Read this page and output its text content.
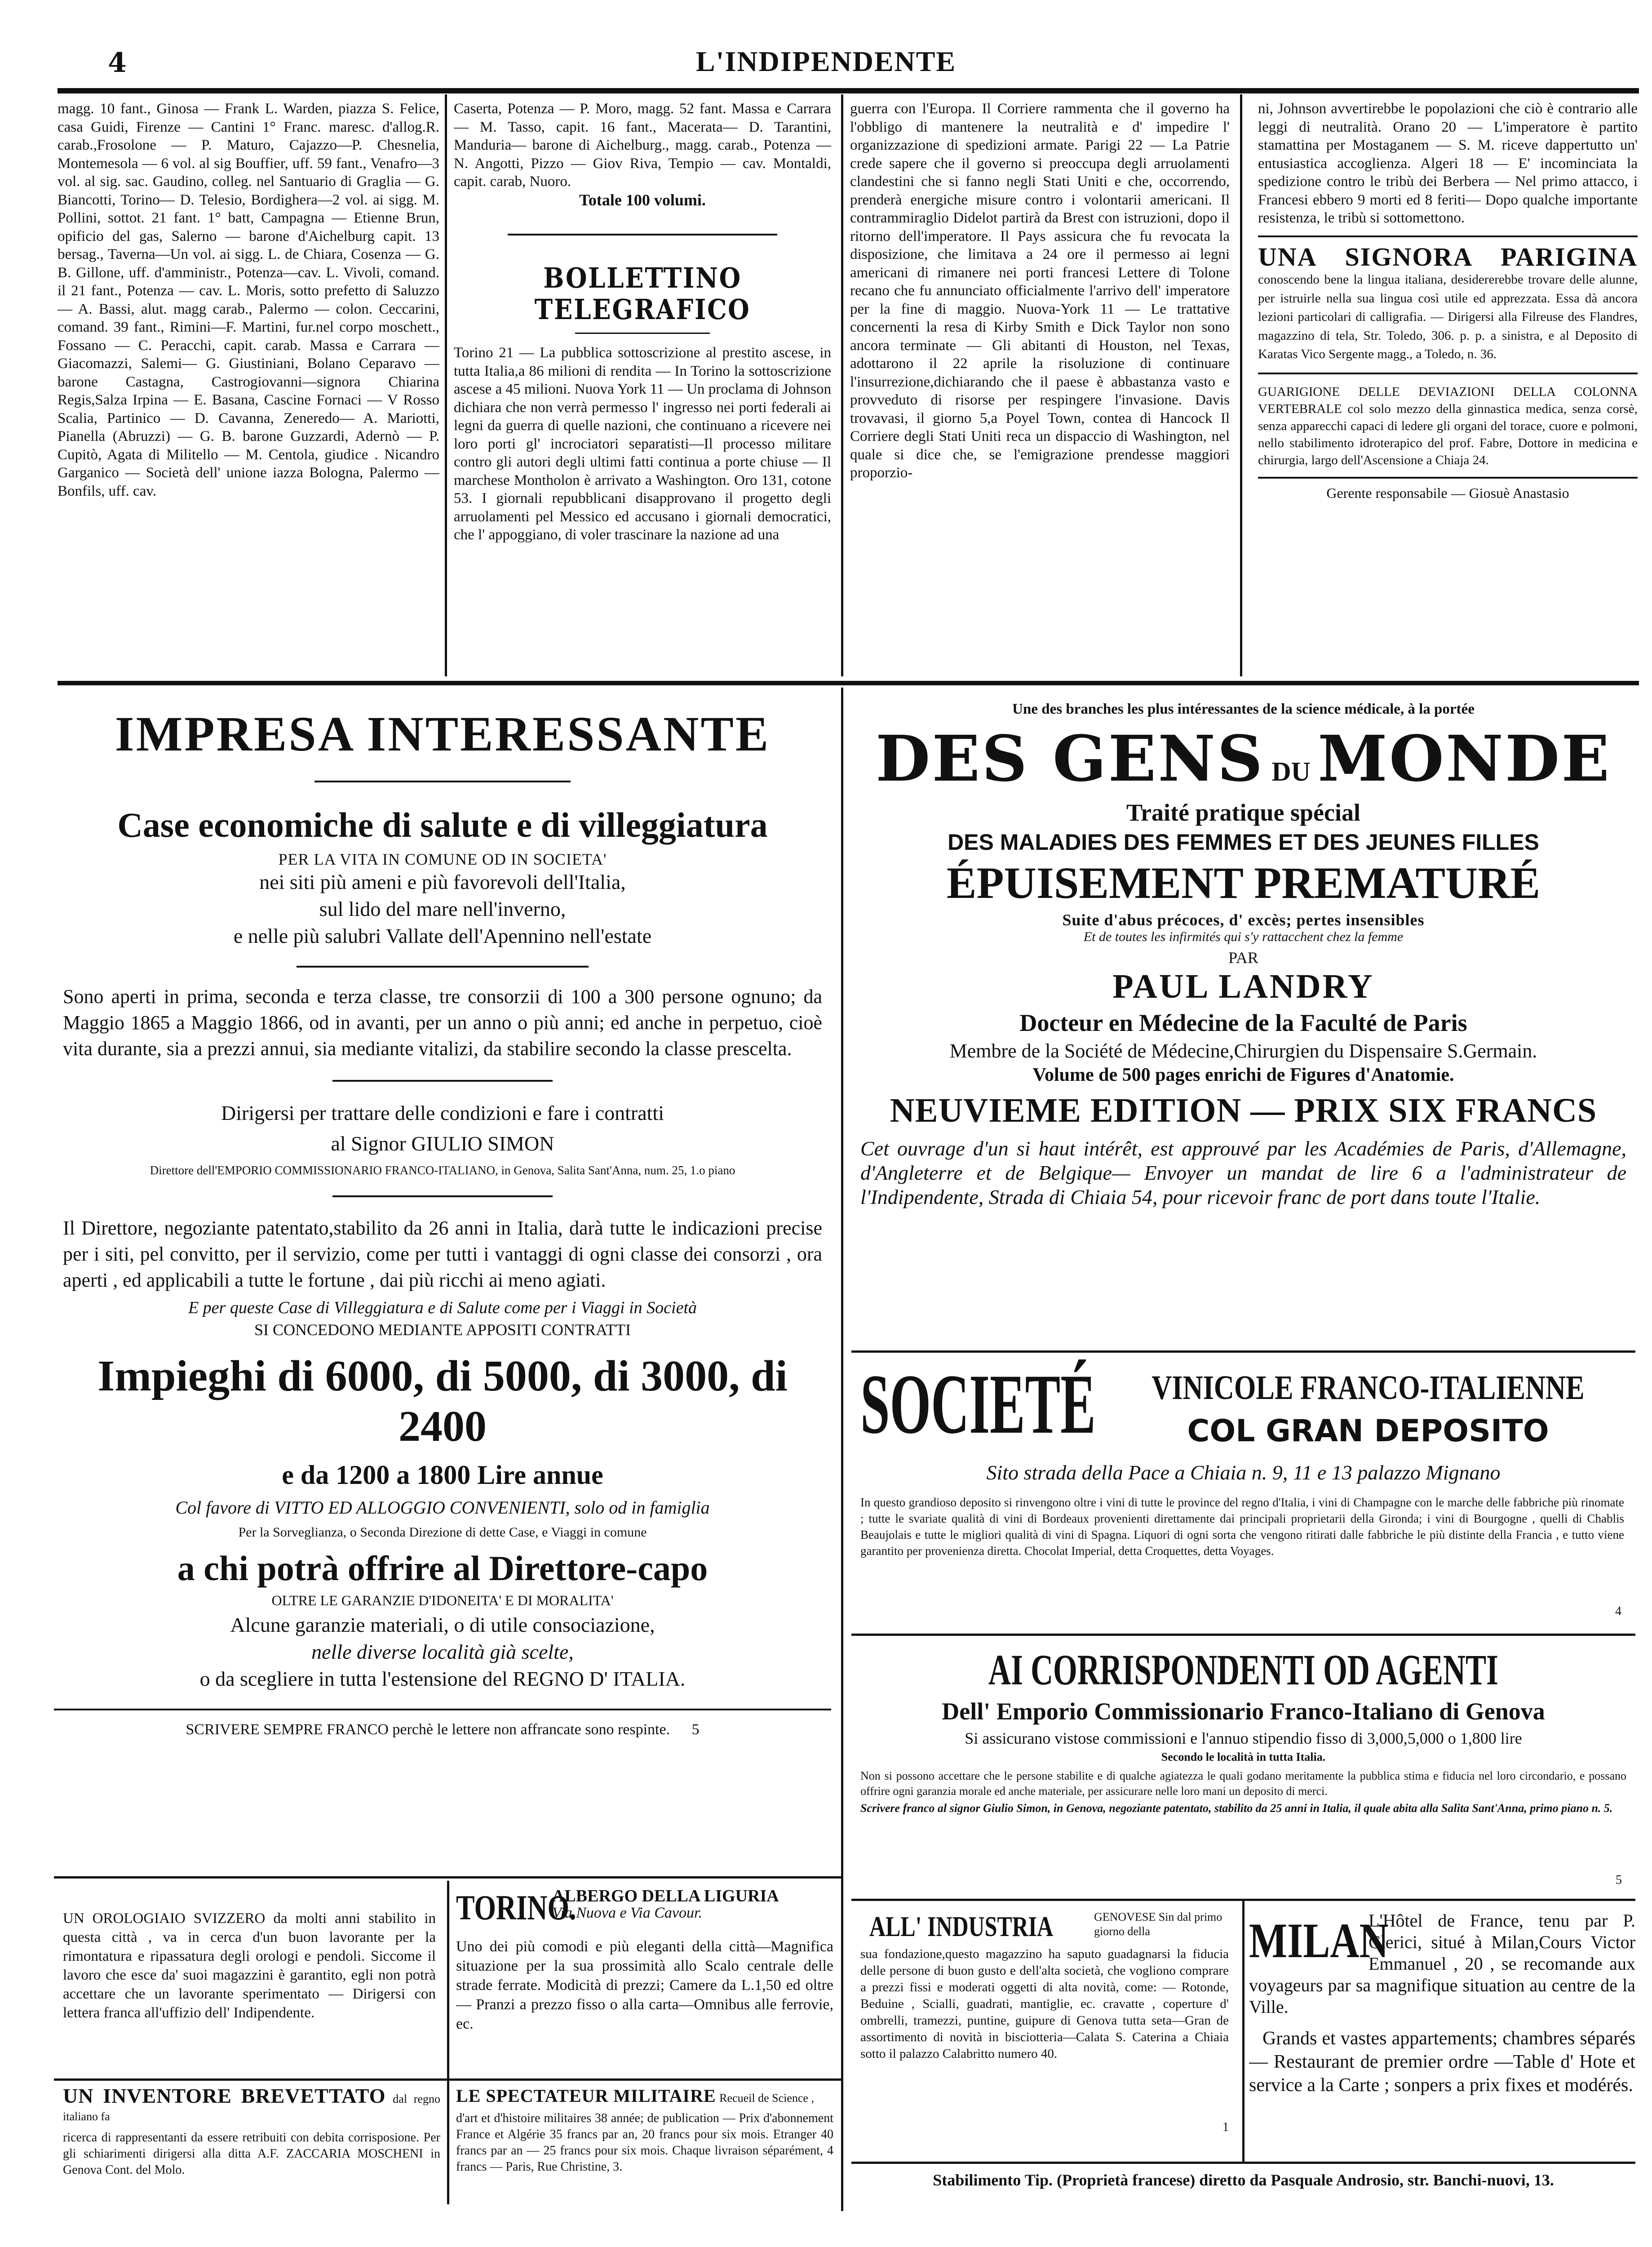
4	L'INDIPENDENTE

magg. 10 fant., Ginosa — Frank L. Warden, piazza S. Felice, casa Guidi, Firenze — Cantini 1° Franc. maresc. d'allog.R. carab.,Frosolone — P. Maturo, Cajazzo—P. Chesnelia, Montemesola — 6 vol. al sig Bouffier, uff. 59 fant., Venafro—3 vol. al sig. sac. Gaudino, colleg. nel Santuario di Graglia — G. Biancotti, Torino— D. Telesio, Bordighera—2 vol. ai sigg. M. Pollini, sottot. 21 fant. 1° batt, Campagna — Etienne Brun, opificio del gas, Salerno — barone d'Aichelburg capit. 13 bersag., Taverna—Un vol. ai sigg. L. de Chiara, Cosenza — G. B. Gillone, uff. d'amministr., Potenza—cav. L. Vivoli, comand. il 21 fant., Potenza — cav. L. Moris, sotto prefetto di Saluzzo — A. Bassi, alut. magg carab., Palermo — colon. Ceccarini, comand. 39 fant., Rimini—F. Martini, fur.nel corpo moschett., Fossano — C. Peracchi, capit. carab. Massa e Carrara — Giacomazzi, Salemi— G. Giustiniani, Bolano Ceparavo — barone Castagna, Castrogiovanni—signora Chiarina Regis,Salza Irpina — E. Basana, Cascine Fornaci — V Rosso Scalia, Partinico — D. Cavanna, Zeneredo— A. Mariotti, Pianella (Abruzzi) — G. B. barone Guzzardi, Adernò — P. Cupitò, Agata di Militello — M. Centola, giudice . Nicandro Garganico — Società dell' unione iazza Bologna, Palermo — Bonfils, uff. cav.

Caserta, Potenza — P. Moro, magg. 52 fant. Massa e Carrara — M. Tasso, capit. 16 fant., Macerata— D. Tarantini, Manduria— barone di Aichelburg., magg. carab., Potenza — N. Angotti, Pizzo — Giov Riva, Tempio — cav. Montaldi, capit. carab, Nuoro.

Totale 100 volumi.

BOLLETTINO TELEGRAFICO

Torino 21 — La pubblica sottoscrizione al prestito ascese, in tutta Italia,a 86 milioni di rendita — In Torino la sottoscrizione ascese a 45 milioni. Nuova York 11 — Un proclama di Johnson dichiara che non verrà permesso l' ingresso nei porti federali ai legni da guerra di quelle nazioni, che continuano a ricevere nei loro porti gl' incrociatori separatisti—Il processo militare contro gli autori degli ultimi fatti continua a porte chiuse — Il marchese Montholon è arrivato a Washington. Oro 131, cotone 53. I giornali repubblicani disapprovano il progetto degli arruolamenti pel Messico ed accusano i giornali democratici, che l' appoggiano, di voler trascinare la nazione ad una

guerra con l'Europa. Il Corriere rammenta che il governo ha l'obbligo di mantenere la neutralità e d' impedire l' organizzazione di spedizioni armate. Parigi 22 — La Patrie crede sapere che il governo si preoccupa degli arruolamenti clandestini che si fanno negli Stati Uniti e che, occorrendo, prenderà energiche misure contro i volontarii americani. Il contrammiraglio Didelot partirà da Brest con istruzioni, dopo il ritorno dell'imperatore. Il Pays assicura che fu revocata la disposizione, che limitava a 24 ore il permesso ai legni americani di rimanere nei porti francesi Lettere di Tolone recano che fu annunciato officialmente l'arrivo dell' imperatore per la fine di maggio. Nuova-York 11 — Le trattative concernenti la resa di Kirby Smith e Dick Taylor non sono ancora terminate — Gli abitanti di Houston, nel Texas, adottarono il 22 aprile la risoluzione di continuare l'insurrezione,dichiarando che il paese è abbastanza vasto e provveduto di risorse per respingere l'invasione. Davis trovavasi, il giorno 5,a Poyel Town, contea di Hancock Il Corriere degli Stati Uniti reca un dispaccio di Washington, nel quale si dice che, se l'emigrazione prendesse maggiori proporzio-

ni, Johnson avvertirebbe le popolazioni che ciò è contrario alle leggi di neutralità. Orano 20 — L'imperatore è partito stamattina per Mostaganem — S. M. riceve dappertutto un' entusiastica accoglienza. Algeri 18 — E' incominciata la spedizione contro le tribù dei Berbera — Nel primo attacco, i Francesi ebbero 9 morti ed 8 feriti— Dopo qualche importante resistenza, le tribù si sottomettono.

UNA SIGNORA PARIGINA conoscendo bene la lingua italiana, desidererebbe trovare delle alunne, per istruirle nella sua lingua così utile ed apprezzata. Essa dà ancora lezioni particolari di calligrafia. — Dirigersi alla Filreuse des Flandres, magazzino di tela, Str. Toledo, 306. p. p. a sinistra, e al Deposito di Karatas Vico Sergente magg., a Toledo, n. 36.

GUARIGIONE DELLE DEVIAZIONI DELLA COLONNA VERTEBRALE col solo mezzo della ginnastica medica, senza corsè, senza apparecchi capaci di ledere gli organi del torace, cuore e polmoni, nello stabilimento idroterapico del prof. Fabre, Dottore in medicina e chirurgia, largo dell'Ascensione a Chiaja 24.

Gerente responsabile — Giosuè Anastasio

IMPRESA INTERESSANTE
Case economiche di salute e di villeggiatura
PER LA VITA IN COMUNE OD IN SOCIETA'
nei siti più ameni e più favorevoli dell'Italia,
sul lido del mare nell'inverno,
e nelle più salubri Vallate dell'Apennino nell'estate

Sono aperti in prima, seconda e terza classe, tre consorzii di 100 a 300 persone ognuno; da Maggio 1865 a Maggio 1866, od in avanti, per un anno o più anni; ed anche in perpetuo, cioè vita durante, sia a prezzi annui, sia mediante vitalizi, da stabilire secondo la classe prescelta.

Dirigersi per trattare delle condizioni e fare i contratti
al Signor GIULIO SIMON
Direttore dell'EMPORIO COMMISSIONARIO FRANCO-ITALIANO, in Genova, Salita Sant'Anna, num. 25, 1.o piano

Il Direttore, negoziante patentato,stabilito da 26 anni in Italia, darà tutte le indicazioni precise per i siti, pel convitto, per il servizio, come per tutti i vantaggi di ogni classe dei consorzi , ora aperti , ed applicabili a tutte le fortune , dai più ricchi ai meno agiati.

E per queste Case di Villeggiatura e di Salute come per i Viaggi in Società
SI CONCEDONO MEDIANTE APPOSITI CONTRATTI
Impieghi di 6000, di 5000, di 3000, di 2400
e da 1200 a 1800 Lire annue
Col favore di VITTO ED ALLOGGIO CONVENIENTI, solo od in famiglia
Per la Sorveglianza, o Seconda Direzione di dette Case, e Viaggi in comune
a chi potrà offrire al Direttore-capo
OLTRE LE GARANZIE D'IDONEITA' E DI MORALITA'
Alcune garanzie materiali, o di utile consociazione,
nelle diverse località già scelte,
o da scegliere in tutta l'estensione del REGNO D' ITALIA.
SCRIVERE SEMPRE FRANCO perchè le lettere non affrancate sono respinte. 5

UN OROLOGIAIO SVIZZERO da molti anni stabilito in questa città , va in cerca d'un buon lavorante per la rimontatura e ripassatura degli orologi e pendoli. Siccome il lavoro che esce da' suoi magazzini è garantito, egli non potrà accettare che un lavorante sperimentato — Dirigersi con lettera franca all'uffizio dell' Indipendente.

TORINO.
ALBERGO DELLA LIGURIA
Via Nuova e Via Cavour.

Uno dei più comodi e più eleganti della città—Magnifica situazione per la sua prossimità allo Scalo centrale delle strade ferrate. Modicità di prezzi; Camere da L.1,50 ed oltre — Pranzi a prezzo fisso o alla carta—Omnibus alle ferrovie, ec.

UN INVENTORE BREVETTATO dal regno italiano fa

ricerca di rappresentanti da essere retribuiti con debita corrisposione. Per gli schiarimenti dirigersi alla ditta A.F. ZACCARIA MOSCHENI in Genova Cont. del Molo.

LE SPECTATEUR MILITAIRE Recueil de Science ,

d'art et d'histoire militaires 38 année; de publication — Prix d'abonnement France et Algérie 35 francs par an, 20 francs pour six mois. Etranger 40 francs par an — 25 francs pour six mois. Chaque livraison séparément, 4 francs — Paris, Rue Christine, 3.

Une des branches les plus intéressantes de la science médicale, à la portée
DES GENS DU MONDE
Traité pratique spécial
DES MALADIES DES FEMMES ET DES JEUNES FILLES
ÉPUISEMENT PREMATURÉ
Suite d'abus précoces, d' excès; pertes insensibles
Et de toutes les infirmités qui s'y rattacchent chez la femme
PAR
PAUL LANDRY
Docteur en Médecine de la Faculté de Paris
Membre de la Société de Médecine,Chirurgien du Dispensaire S.Germain.
Volume de 500 pages enrichi de Figures d'Anatomie.
NEUVIEME EDITION — PRIX SIX FRANCS

Cet ouvrage d'un si haut intérêt, est approuvé par les Académies de Paris, d'Allemagne, d'Angleterre et de Belgique— Envoyer un mandat de lire 6 a l'administrateur de l'Indipendente, Strada di Chiaia 54, pour ricevoir franc de port dans toute l'Italie.

SOCIETÉ VINICOLE FRANCO-ITALIENNE
COL GRAN DEPOSITO
Sito strada della Pace a Chiaia n. 9, 11 e 13 palazzo Mignano

In questo grandioso deposito si rinvengono oltre i vini di tutte le province del regno d'Italia, i vini di Champagne con le marche delle fabbriche più rinomate ; tutte le svariate qualità di vini di Bordeaux provenienti direttamente dai principali proprietarii della Gironda; i vini di Bourgogne , quelli di Chablis Beaujolais e tutte le migliori qualità di vini di Spagna. Liquori di ogni sorta che vengono ritirati dalle fabbriche le più distinte della Francia , e tutto viene garantito per provenienza diretta. Chocolat Imperial, detta Croquettes, detta Voyages.

4
AI CORRISPONDENTI OD AGENTI
Dell' Emporio Commissionario Franco-Italiano di Genova
Si assicurano vistose commissioni e l'annuo stipendio fisso di 3,000,5,000 o 1,800 lire
Secondo le località in tutta Italia.

Non si possono accettare che le persone stabilite e di qualche agiatezza le quali godano meritamente la pubblica stima e fiducia nel loro circondario, e possano offrire ogni garanzia morale ed anche materiale, per assicurare nelle loro mani un deposito di merci.

Scrivere franco al signor Giulio Simon, in Genova, negoziante patentato, stabilito da 25 anni in Italia, il quale abita alla Salita Sant'Anna, primo piano n. 5.

5
ALL' INDUSTRIA	GENOVESE Sin dal primo giorno della

sua fondazione,questo magazzino ha saputo guadagnarsi la fiducia delle persone di buon gusto e dell'alta società, che vogliono comprare a prezzi fissi e moderati oggetti di alta novità, come: — Rotonde, Beduine , Scialli, guadrati, mantiglie, ec. cravatte , coperture d' ombrelli, tramezzi, puntine, guipure di Genova tutta seta—Gran de assortimento di novità in bisciotteria—Calata S. Caterina a Chiaia sotto il palazzo Calabritto numero 40.

1
MILAN

L'Hôtel de France, tenu par P. Clerici, situé à Milan,Cours Victor Emmanuel , 20 , se recomande aux voyageurs par sa magnifique situation au centre de la Ville.

Grands et vastes appartements; chambres séparés — Restaurant de premier ordre —Table d' Hote et service a la Carte ; sonpers a prix fixes et modérés.

Stabilimento Tip. (Proprietà francese) diretto da Pasquale Androsio, str. Banchi-nuovi, 13.
